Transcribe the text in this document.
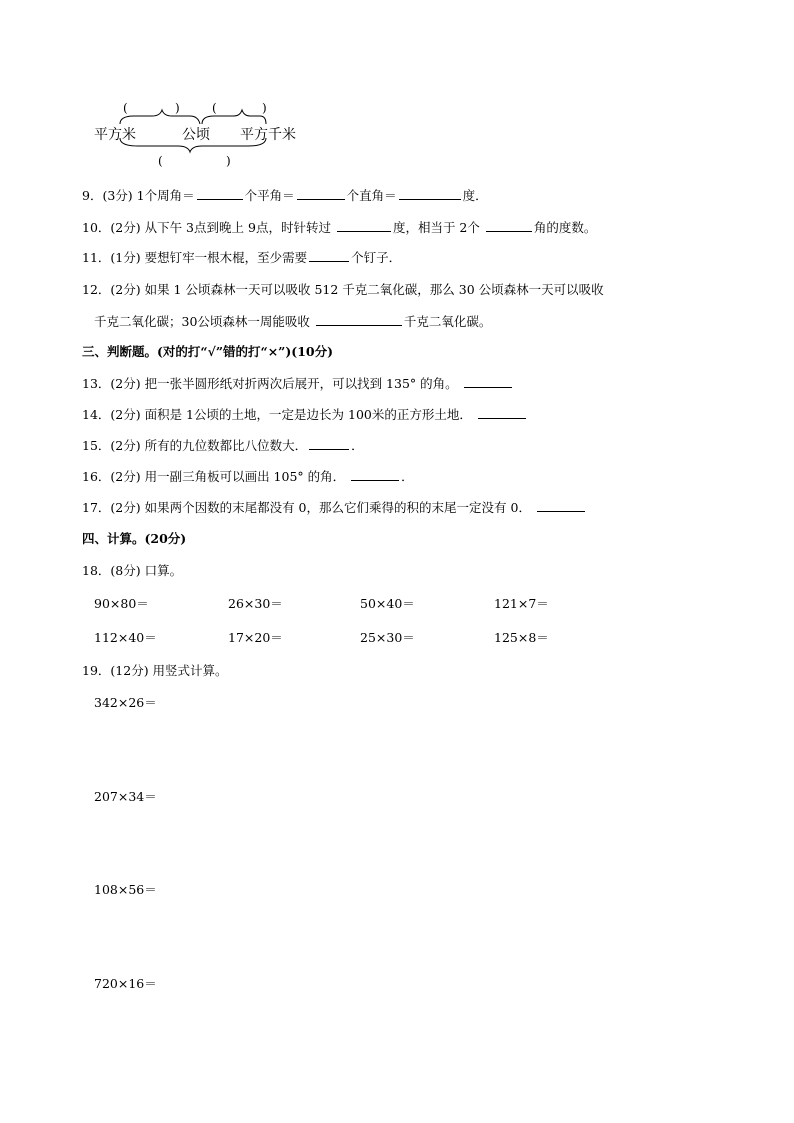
(	)	(	)
平方米	公顷 平方千米
(	)
9．(3分) 1个周角＝	个平角＝	个直角＝	度．
10．(2分) 从下午 3点到晚上 9点，时针转过	度，相当于 2个	角的度数。
11．(1分) 要想钉牢一根木棍，至少需要	个钉子．
12．(2分) 如果 1 公顷森林一天可以吸收 512 千克二氧化碳，那么 30 公顷森林一天可以吸收
千克二氧化碳；30公顷森林一周能吸收	千克二氧化碳。
三、判断题。(对的打“√”错的打“×”)(10分)
13．(2分) 把一张半圆形纸对折两次后展开，可以找到 135° 的角。
14．(2分) 面积是 1公顷的土地，一定是边长为 100米的正方形土地．
15．(2分) 所有的九位数都比八位数大．	．
16．(2分) 用一副三角板可以画出 105° 的角．	．
17．(2分) 如果两个因数的末尾都没有 0，那么它们乘得的积的末尾一定没有 0．
四、计算。(20分)
18．(8分) 口算。
90×80＝	26×30＝	50×40＝	121×7＝
112×40＝	17×20＝	25×30＝	125×8＝
19．(12分) 用竖式计算。
342×26＝
207×34＝
108×56＝
720×16＝
